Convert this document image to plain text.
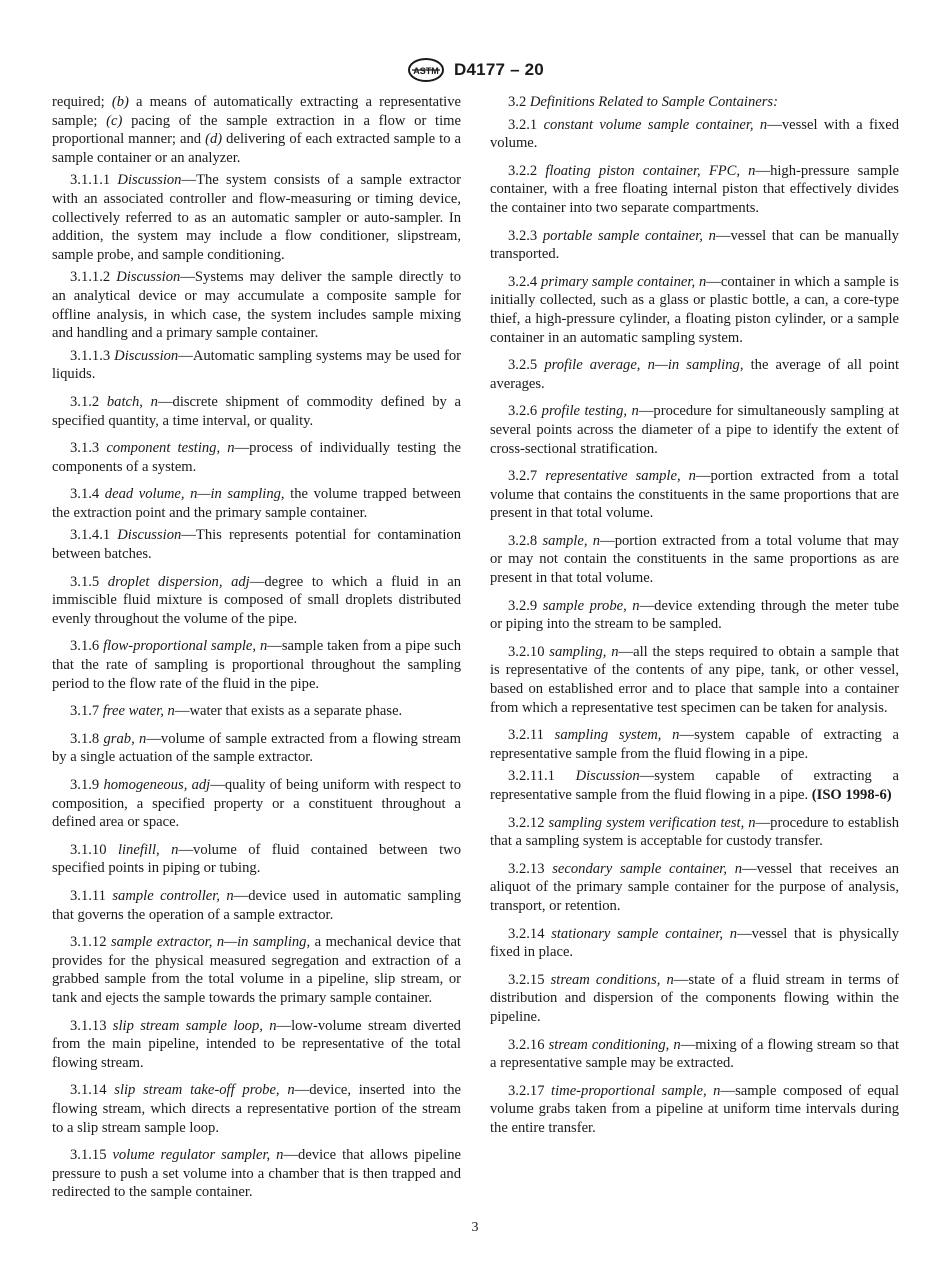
ASTM D4177 – 20

required; (b) a means of automatically extracting a representative sample; (c) pacing of the sample extraction in a flow or time proportional manner; and (d) delivering of each extracted sample to a sample container or an analyzer.

3.1.1.1 Discussion—The system consists of a sample extractor with an associated controller and flow-measuring or timing device, collectively referred to as an automatic sampler or auto-sampler. In addition, the system may include a flow conditioner, slipstream, sample probe, and sample conditioning.

3.1.1.2 Discussion—Systems may deliver the sample directly to an analytical device or may accumulate a composite sample for offline analysis, in which case, the system includes sample mixing and handling and a primary sample container.

3.1.1.3 Discussion—Automatic sampling systems may be used for liquids.

3.1.2 batch, n—discrete shipment of commodity defined by a specified quantity, a time interval, or quality.

3.1.3 component testing, n—process of individually testing the components of a system.

3.1.4 dead volume, n—in sampling, the volume trapped between the extraction point and the primary sample container.

3.1.4.1 Discussion—This represents potential for contamination between batches.

3.1.5 droplet dispersion, adj—degree to which a fluid in an immiscible fluid mixture is composed of small droplets distributed evenly throughout the volume of the pipe.

3.1.6 flow-proportional sample, n—sample taken from a pipe such that the rate of sampling is proportional throughout the sampling period to the flow rate of the fluid in the pipe.

3.1.7 free water, n—water that exists as a separate phase.

3.1.8 grab, n—volume of sample extracted from a flowing stream by a single actuation of the sample extractor.

3.1.9 homogeneous, adj—quality of being uniform with respect to composition, a specified property or a constituent throughout a defined area or space.

3.1.10 linefill, n—volume of fluid contained between two specified points in piping or tubing.

3.1.11 sample controller, n—device used in automatic sampling that governs the operation of a sample extractor.

3.1.12 sample extractor, n—in sampling, a mechanical device that provides for the physical measured segregation and extraction of a grabbed sample from the total volume in a pipeline, slip stream, or tank and ejects the sample towards the primary sample container.

3.1.13 slip stream sample loop, n—low-volume stream diverted from the main pipeline, intended to be representative of the total flowing stream.

3.1.14 slip stream take-off probe, n—device, inserted into the flowing stream, which directs a representative portion of the stream to a slip stream sample loop.

3.1.15 volume regulator sampler, n—device that allows pipeline pressure to push a set volume into a chamber that is then trapped and redirected to the sample container.

3.2 Definitions Related to Sample Containers:

3.2.1 constant volume sample container, n—vessel with a fixed volume.

3.2.2 floating piston container, FPC, n—high-pressure sample container, with a free floating internal piston that effectively divides the container into two separate compartments.

3.2.3 portable sample container, n—vessel that can be manually transported.

3.2.4 primary sample container, n—container in which a sample is initially collected, such as a glass or plastic bottle, a can, a core-type thief, a high-pressure cylinder, a floating piston cylinder, or a sample container in an automatic sampling system.

3.2.5 profile average, n—in sampling, the average of all point averages.

3.2.6 profile testing, n—procedure for simultaneously sampling at several points across the diameter of a pipe to identify the extent of cross-sectional stratification.

3.2.7 representative sample, n—portion extracted from a total volume that contains the constituents in the same proportions that are present in that total volume.

3.2.8 sample, n—portion extracted from a total volume that may or may not contain the constituents in the same proportions as are present in that total volume.

3.2.9 sample probe, n—device extending through the meter tube or piping into the stream to be sampled.

3.2.10 sampling, n—all the steps required to obtain a sample that is representative of the contents of any pipe, tank, or other vessel, based on established error and to place that sample into a container from which a representative test specimen can be taken for analysis.

3.2.11 sampling system, n—system capable of extracting a representative sample from the fluid flowing in a pipe.

3.2.11.1 Discussion—system capable of extracting a representative sample from the fluid flowing in a pipe. (ISO 1998-6)

3.2.12 sampling system verification test, n—procedure to establish that a sampling system is acceptable for custody transfer.

3.2.13 secondary sample container, n—vessel that receives an aliquot of the primary sample container for the purpose of analysis, transport, or retention.

3.2.14 stationary sample container, n—vessel that is physically fixed in place.

3.2.15 stream conditions, n—state of a fluid stream in terms of distribution and dispersion of the components flowing within the pipeline.

3.2.16 stream conditioning, n—mixing of a flowing stream so that a representative sample may be extracted.

3.2.17 time-proportional sample, n—sample composed of equal volume grabs taken from a pipeline at uniform time intervals during the entire transfer.

3
